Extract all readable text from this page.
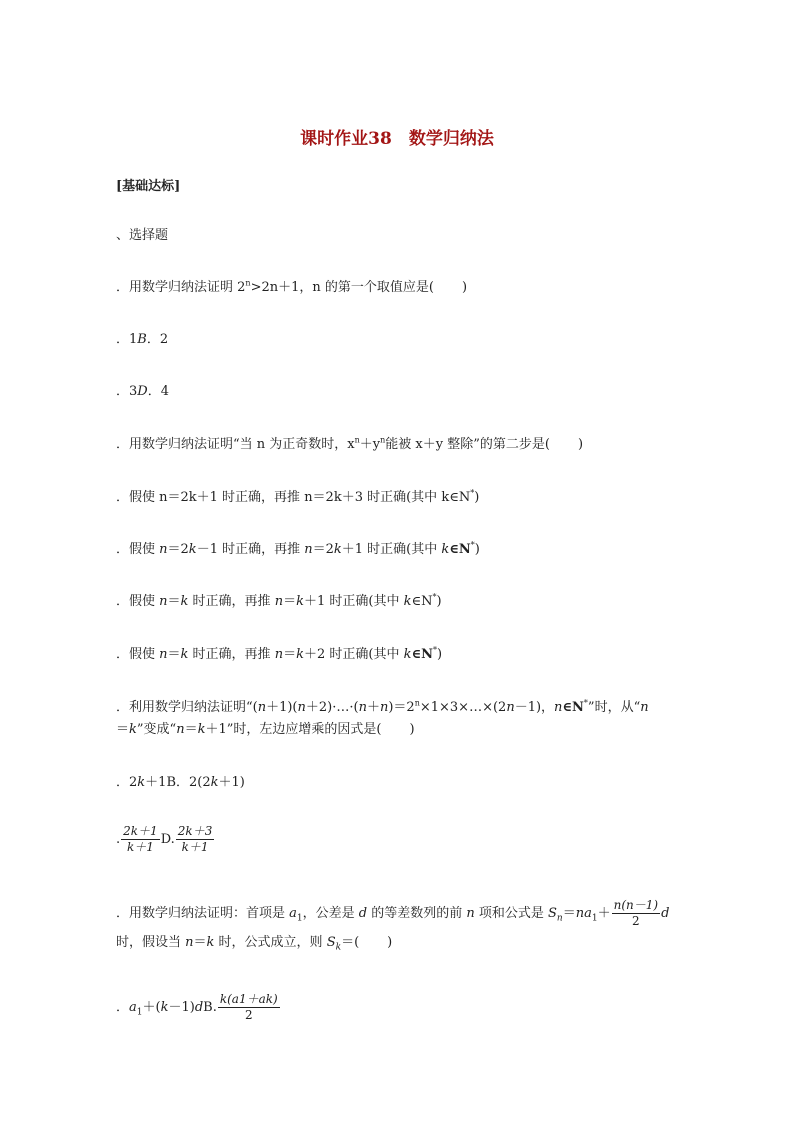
课时作业38　数学归纳法
[基础达标]
、选择题
．用数学归纳法证明 $2^n>2n+1$，n 的第一个取值应是( )
．1B．2
．3D．4
．用数学归纳法证明“当 n 为正奇数时，$x^n+y^n$能被 x＋y 整除”的第二步是( )
．假使 n＝2k＋1 时正确，再推 n＝2k＋3 时正确(其中 k∈N*)
．假使 n＝2k－1 时正确，再推 n＝2k＋1 时正确(其中 k∈N*)
．假使 n＝k 时正确，再推 n＝k＋1 时正确(其中 k∈N*)
．假使 n＝k 时正确，再推 n＝k＋2 时正确(其中 k∈N*)
．利用数学归纳法证明“$(n+1)(n+2)\cdot\dots\cdot(n+n)=2^n\times 1\times 3\times\dots\times(2n-1)$，n∈N*”时，从“n
＝k”变成“n＝k＋1”时，左边应增乘的因式是( )
．2k＋1B．2(2k＋1)
. $\frac{2k+1}{k+1} D$. $\frac{2k+3}{k+1}$
．用数学归纳法证明：首项是 $a_1$，公差是 d 的等差数列的前 n 项和公式是 $S_n=na_1+ \frac{n(n-1)}{2}$ d
时，假设当 n＝k 时，公式成立，则 $S_k=$( )
．$a_1+(k-1)dB$. $\frac{k(a1+ak)}{2}$
